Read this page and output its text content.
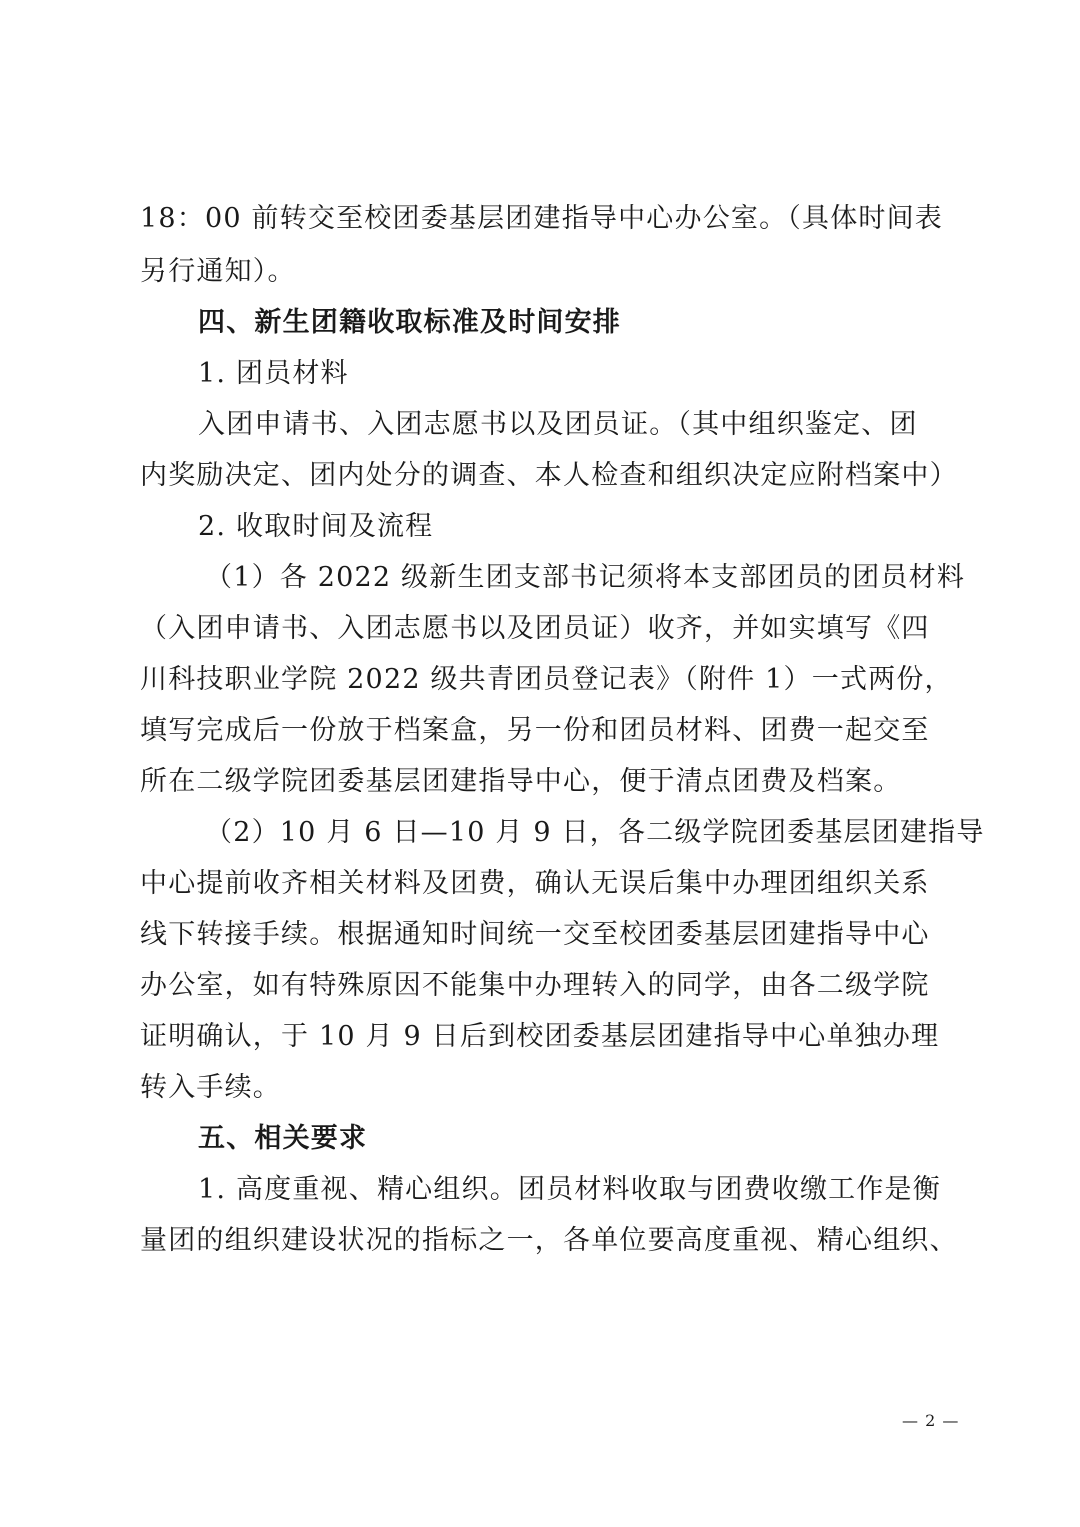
18：00 前转交至校团委基层团建指导中心办公室。（具体时间表
另行通知）。
四、新生团籍收取标准及时间安排
1. 团员材料
入团申请书、入团志愿书以及团员证。（其中组织鉴定、团
内奖励决定、团内处分的调查、本人检查和组织决定应附档案中）
2. 收取时间及流程
（1）各 2022 级新生团支部书记须将本支部团员的团员材料
（入团申请书、入团志愿书以及团员证）收齐，并如实填写《四
川科技职业学院 2022 级共青团员登记表》（附件 1）一式两份，
填写完成后一份放于档案盒，另一份和团员材料、团费一起交至
所在二级学院团委基层团建指导中心，便于清点团费及档案。
（2）10 月 6 日—10 月 9 日，各二级学院团委基层团建指导
中心提前收齐相关材料及团费，确认无误后集中办理团组织关系
线下转接手续。根据通知时间统一交至校团委基层团建指导中心
办公室，如有特殊原因不能集中办理转入的同学，由各二级学院
证明确认，于 10 月 9 日后到校团委基层团建指导中心单独办理
转入手续。
五、相关要求
1. 高度重视、精心组织。团员材料收取与团费收缴工作是衡
量团的组织建设状况的指标之一，各单位要高度重视、精心组织、
— 2 —
